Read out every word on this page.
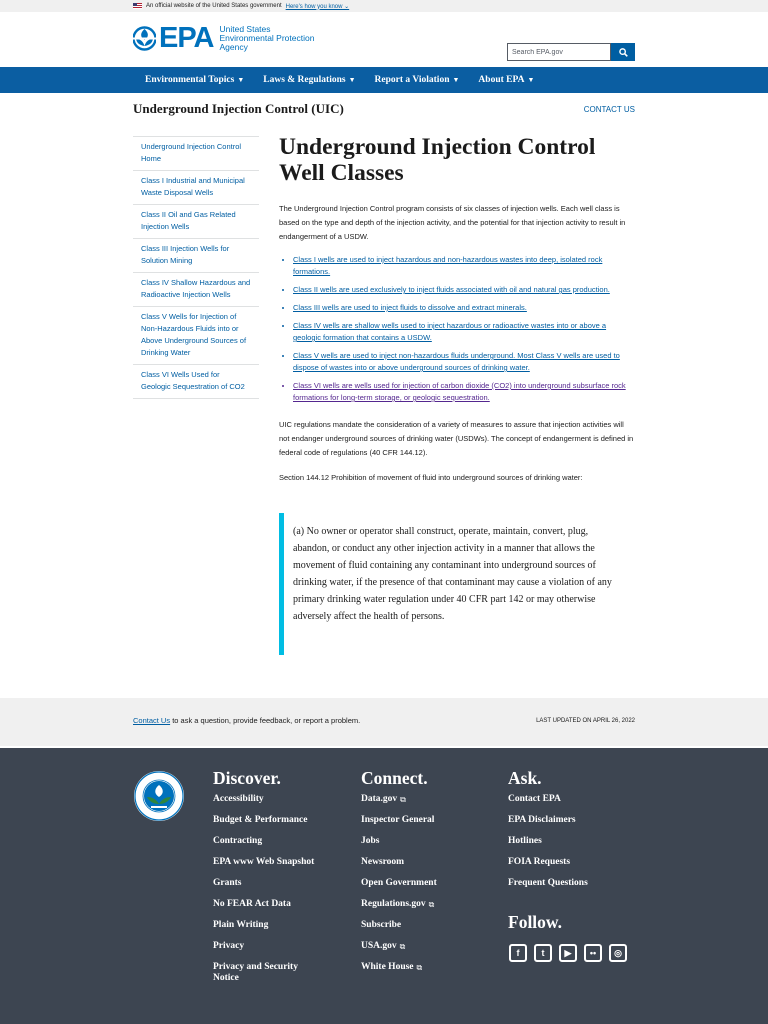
An official website of the United States government Here's how you know ⌄
EPA United States
Environmental Protection
Agency
Search EPA.gov
Environmental Topics ▼ Laws & Regulations ▼ Report a Violation ▼ About EPA ▼
Underground Injection Control (UIC)	CONTACT US
Underground Injection Control Home
Class I Industrial and Municipal Waste Disposal Wells
Class II Oil and Gas Related Injection Wells
Class III Injection Wells for Solution Mining
Class IV Shallow Hazardous and Radioactive Injection Wells
Class V Wells for Injection of Non-Hazardous Fluids into or Above Underground Sources of Drinking Water
Class VI Wells Used for Geologic Sequestration of CO2
Underground Injection Control Well Classes

The Underground Injection Control program consists of six classes of injection wells. Each well class is based on the type and depth of the injection activity, and the potential for that injection activity to result in endangerment of a USDW.

• Class I wells are used to inject hazardous and non-hazardous wastes into deep, isolated rock formations.
• Class II wells are used exclusively to inject fluids associated with oil and natural gas production.
• Class III wells are used to inject fluids to dissolve and extract minerals.
• Class IV wells are shallow wells used to inject hazardous or radioactive wastes into or above a geologic formation that contains a USDW.
• Class V wells are used to inject non-hazardous fluids underground. Most Class V wells are used to dispose of wastes into or above underground sources of drinking water.
• Class VI wells are wells used for injection of carbon dioxide (CO2) into underground subsurface rock formations for long-term storage, or geologic sequestration.

UIC regulations mandate the consideration of a variety of measures to assure that injection activities will not endanger underground sources of drinking water (USDWs). The concept of endangerment is defined in federal code of regulations (40 CFR 144.12).

Section 144.12 Prohibition of movement of fluid into underground sources of drinking water:

(a) No owner or operator shall construct, operate, maintain, convert, plug, abandon, or conduct any other injection activity in a manner that allows the movement of fluid containing any contaminant into underground sources of drinking water, if the presence of that contaminant may cause a violation of any primary drinking water regulation under 40 CFR part 142 or may otherwise adversely affect the health of persons.
Contact Us to ask a question, provide feedback, or report a problem.	LAST UPDATED ON APRIL 26, 2022
Discover.
Accessibility
Budget & Performance
Contracting
EPA www Web Snapshot
Grants
No FEAR Act Data
Plain Writing
Privacy
Privacy and Security Notice
Connect.
Data.gov ⧉
Inspector General
Jobs
Newsroom
Open Government
Regulations.gov ⧉
Subscribe
USA.gov ⧉
White House ⧉
Ask.
Contact EPA
EPA Disclaimers
Hotlines
FOIA Requests
Frequent Questions
Follow.
f	t	▶	••	◎
